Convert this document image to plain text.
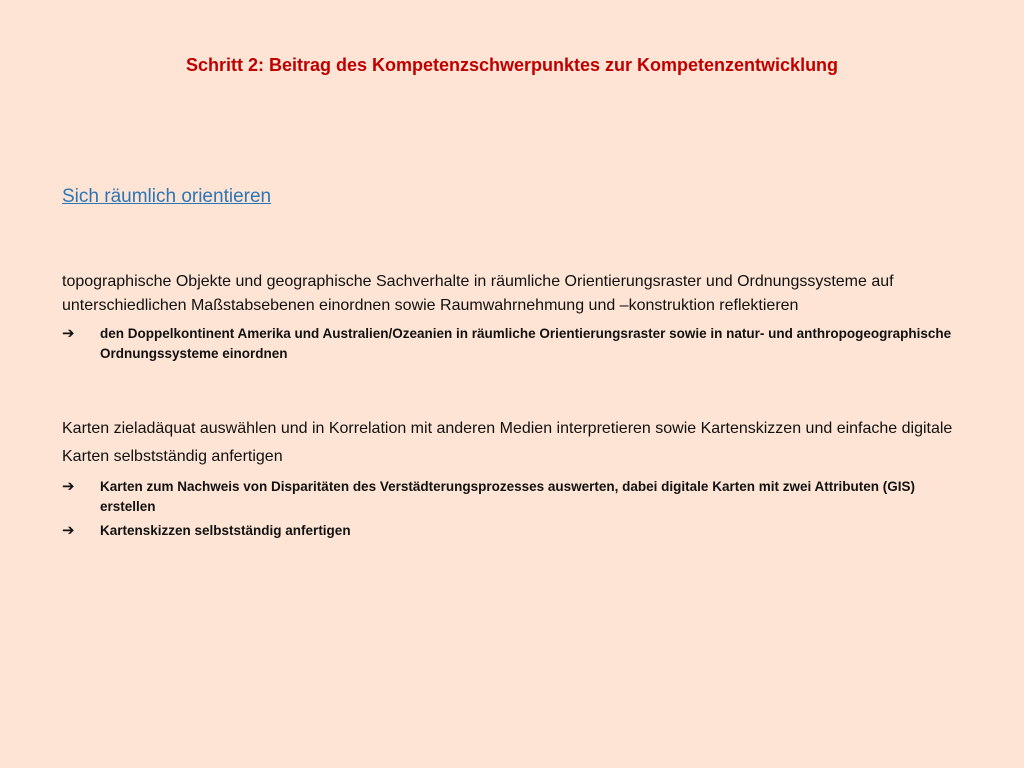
Schritt 2: Beitrag des Kompetenzschwerpunktes zur Kompetenzentwicklung
Sich räumlich orientieren

topographische Objekte und geographische Sachverhalte in räumliche Orientierungsraster und Ordnungssysteme auf unterschiedlichen Maßstabsebenen einordnen sowie Raumwahrnehmung und –konstruktion reflektieren

➔ den Doppelkontinent Amerika und Australien/Ozeanien in räumliche Orientierungsraster sowie in natur- und anthropogeographische Ordnungssysteme einordnen

Karten zieladäquat auswählen und in Korrelation mit anderen Medien interpretieren sowie Kartenskizzen und einfache digitale Karten selbstständig anfertigen

➔ Karten zum Nachweis von Disparitäten des Verstädterungsprozesses auswerten, dabei digitale Karten mit zwei Attributen (GIS) erstellen
➔ Kartenskizzen selbstständig anfertigen
